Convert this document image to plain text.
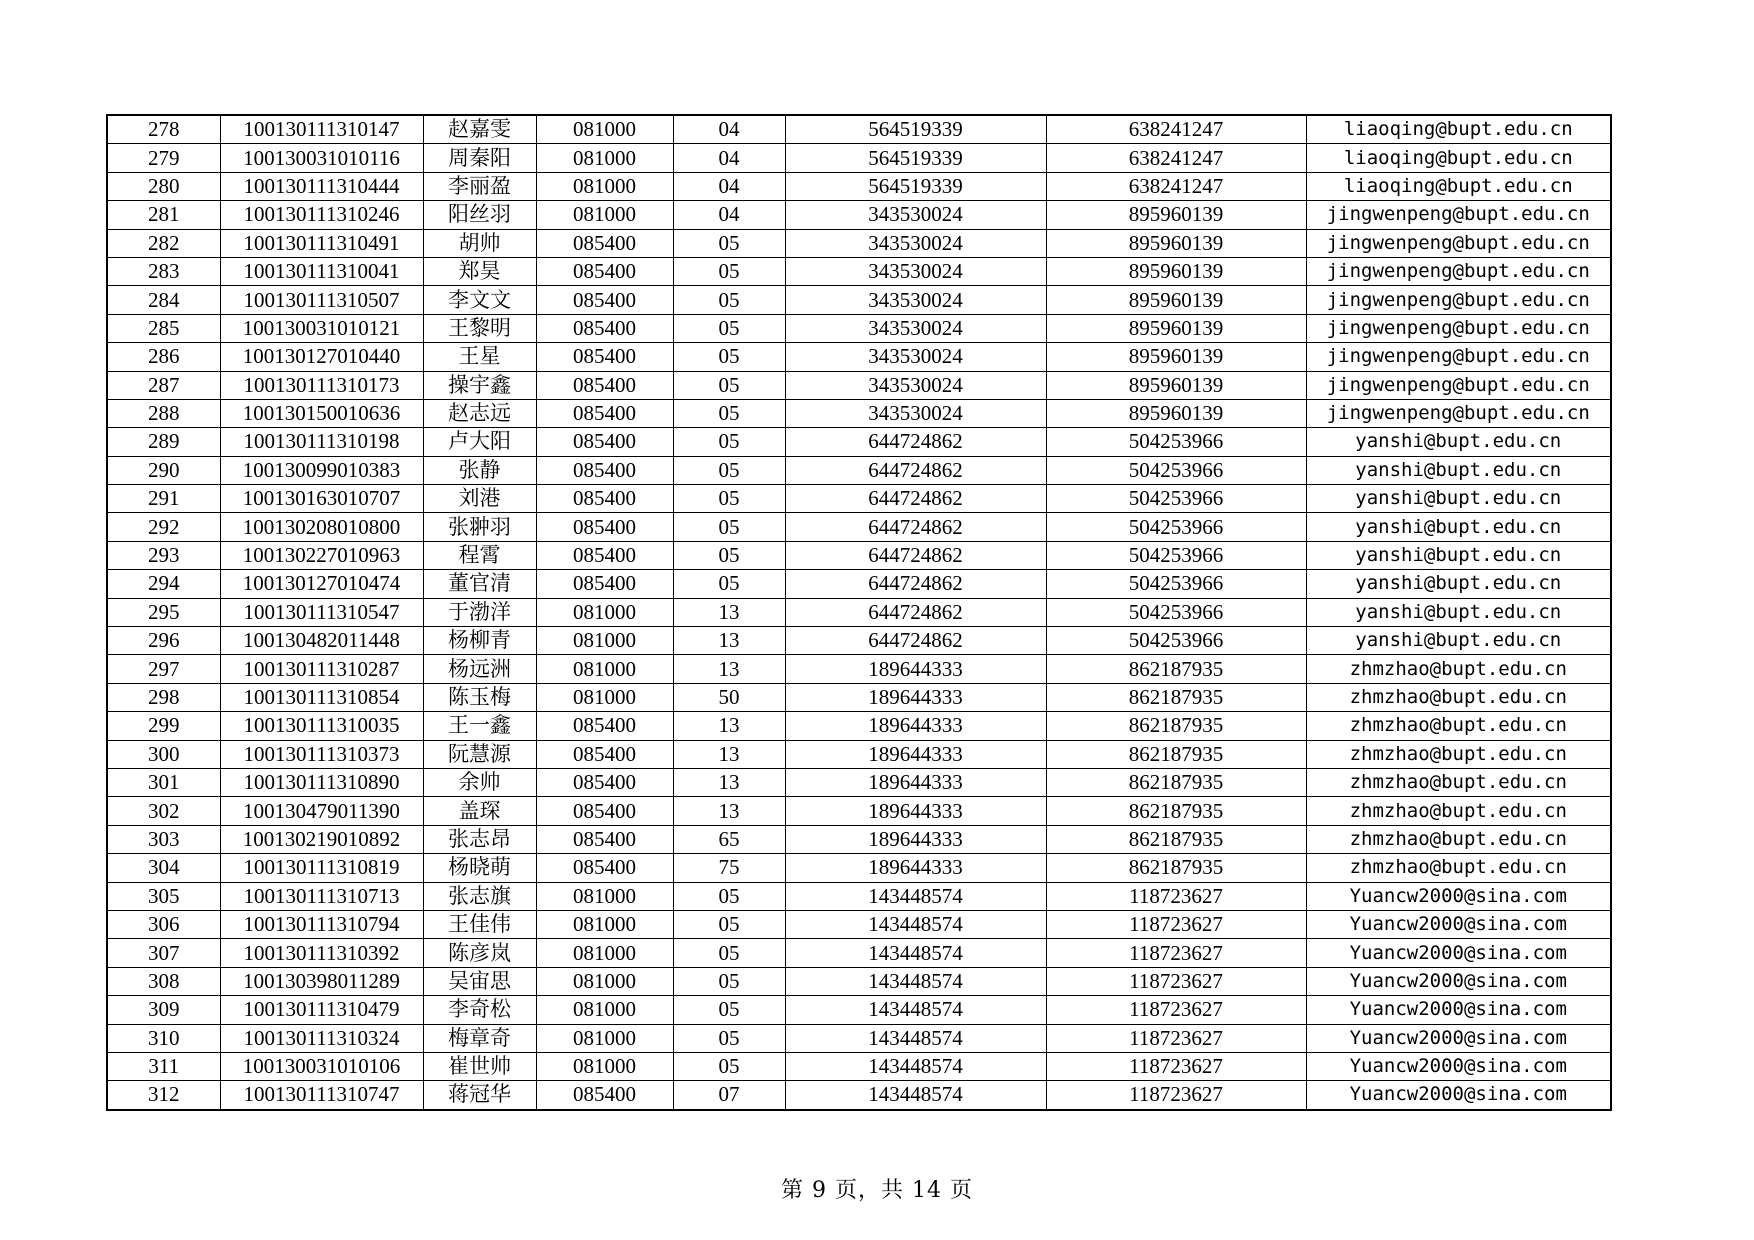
278	100130111310147	赵嘉雯	081000	04	564519339	638241247	liaoqing@bupt.edu.cn
279	100130031010116	周秦阳	081000	04	564519339	638241247	liaoqing@bupt.edu.cn
280	100130111310444	李丽盈	081000	04	564519339	638241247	liaoqing@bupt.edu.cn
281	100130111310246	阳丝羽	081000	04	343530024	895960139	jingwenpeng@bupt.edu.cn
282	100130111310491	胡帅	085400	05	343530024	895960139	jingwenpeng@bupt.edu.cn
283	100130111310041	郑昊	085400	05	343530024	895960139	jingwenpeng@bupt.edu.cn
284	100130111310507	李文文	085400	05	343530024	895960139	jingwenpeng@bupt.edu.cn
285	100130031010121	王黎明	085400	05	343530024	895960139	jingwenpeng@bupt.edu.cn
286	100130127010440	王星	085400	05	343530024	895960139	jingwenpeng@bupt.edu.cn
287	100130111310173	操宇鑫	085400	05	343530024	895960139	jingwenpeng@bupt.edu.cn
288	100130150010636	赵志远	085400	05	343530024	895960139	jingwenpeng@bupt.edu.cn
289	100130111310198	卢大阳	085400	05	644724862	504253966	yanshi@bupt.edu.cn
290	100130099010383	张静	085400	05	644724862	504253966	yanshi@bupt.edu.cn
291	100130163010707	刘港	085400	05	644724862	504253966	yanshi@bupt.edu.cn
292	100130208010800	张翀羽	085400	05	644724862	504253966	yanshi@bupt.edu.cn
293	100130227010963	程霄	085400	05	644724862	504253966	yanshi@bupt.edu.cn
294	100130127010474	董官清	085400	05	644724862	504253966	yanshi@bupt.edu.cn
295	100130111310547	于渤洋	081000	13	644724862	504253966	yanshi@bupt.edu.cn
296	100130482011448	杨柳青	081000	13	644724862	504253966	yanshi@bupt.edu.cn
297	100130111310287	杨远洲	081000	13	189644333	862187935	zhmzhao@bupt.edu.cn
298	100130111310854	陈玉梅	081000	50	189644333	862187935	zhmzhao@bupt.edu.cn
299	100130111310035	王一鑫	085400	13	189644333	862187935	zhmzhao@bupt.edu.cn
300	100130111310373	阮慧源	085400	13	189644333	862187935	zhmzhao@bupt.edu.cn
301	100130111310890	余帅	085400	13	189644333	862187935	zhmzhao@bupt.edu.cn
302	100130479011390	盖琛	085400	13	189644333	862187935	zhmzhao@bupt.edu.cn
303	100130219010892	张志昂	085400	65	189644333	862187935	zhmzhao@bupt.edu.cn
304	100130111310819	杨晓萌	085400	75	189644333	862187935	zhmzhao@bupt.edu.cn
305	100130111310713	张志旗	081000	05	143448574	118723627	Yuancw2000@sina.com
306	100130111310794	王佳伟	081000	05	143448574	118723627	Yuancw2000@sina.com
307	100130111310392	陈彦岚	081000	05	143448574	118723627	Yuancw2000@sina.com
308	100130398011289	吴宙思	081000	05	143448574	118723627	Yuancw2000@sina.com
309	100130111310479	李奇松	081000	05	143448574	118723627	Yuancw2000@sina.com
310	100130111310324	梅章奇	081000	05	143448574	118723627	Yuancw2000@sina.com
311	100130031010106	崔世帅	081000	05	143448574	118723627	Yuancw2000@sina.com
312	100130111310747	蒋冠华	085400	07	143448574	118723627	Yuancw2000@sina.com
第 9 页，共 14 页
